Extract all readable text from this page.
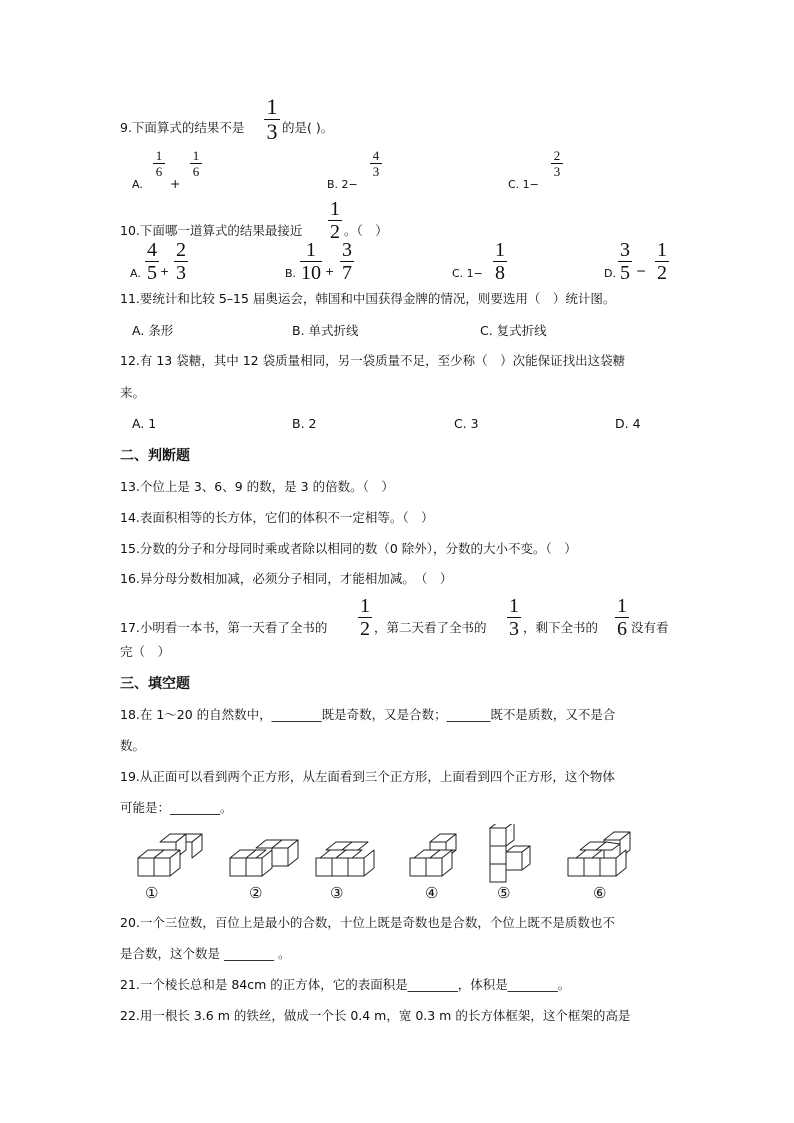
9.下面算式的结果不是
1
3 的是( )。
A.
1
6
+
1
6
B. 2−
4
3
C. 1−
2
3
10.下面哪一道算式的结果最接近
1
2 。（　）
A.
4
5 +
2
3	B.
1
10 +
3
7	C. 1−
1
8	D.
3
5 −
1
2
11.要统计和比较 5–15 届奥运会，韩国和中国获得金牌的情况，则要选用（　）统计图。
A. 条形	B. 单式折线	C. 复式折线
12.有 13 袋糖，其中 12 袋质量相同，另一袋质量不足，至少称（　）次能保证找出这袋糖
来。
A. 1	B. 2	C. 3	D. 4
二、判断题
13.个位上是 3、6、9 的数，是 3 的倍数。（　）
14.表面积相等的长方体，它们的体积不一定相等。（　）
15.分数的分子和分母同时乘或者除以相同的数（0 除外），分数的大小不变。（　）
16.异分母分数相加减，必须分子相同，才能相加减。　（　）
17.小明看一本书，第一天看了全书的
1
2 ，第二天看了全书的
1
3 ，剩下全书的
1
6 没有看
完（　）
三、填空题
18.在 1～20 的自然数中，________既是奇数，又是合数；_______既不是质数，又不是合
数。
19.从正面可以看到两个正方形，从左面看到三个正方形，上面看到四个正方形，这个物体
可能是：________。
①	②	③	④	⑤	⑥
20.一个三位数，百位上是最小的合数，十位上既是奇数也是合数，个位上既不是质数也不
是合数，这个数是 ________ 。
21.一个棱长总和是 84cm 的正方体，它的表面积是________，体积是________。
22.用一根长 3.6 m 的铁丝，做成一个长 0.4 m，宽 0.3 m 的长方体框架，这个框架的高是
